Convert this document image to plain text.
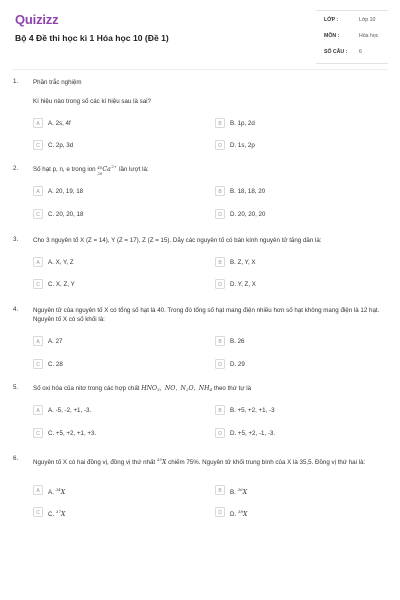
Quizizz
Bộ 4 Đề thi học kì 1 Hóa học 10 (Đề 1)
LỚP :	Lớp 10
MÔN :	Hóa học
SỐ CÂU :	6
1. Phần trắc nghiệm
Kí hiệu nào trong số các kí hiệu sau là sai?
A	A. 2s, 4f	B	B. 1p, 2d
C	C. 2p, 3d	D	D. 1s, 2p
2. Số hạt p, n, e trong ion 40
20
Ca 2+ lần lượt là:
A	A. 20, 19, 18	B	B. 18, 18, 20
C	C. 20, 20, 18	D	D. 20, 20, 20
3. Cho 3 nguyên tố X (Z = 14), Y (Z = 17), Z (Z = 15). Dãy các nguyên tố có bán kính nguyên tử tăng dần là:
A	A. X, Y, Z	B	B. Z, Y, X
C	C. X, Z, Y	D	D. Y, Z, X
4. Nguyên tử của nguyên tố X có tổng số hạt là 40. Trong đó tổng số hạt mang điện nhiều hơn số hạt không mang điện là 12 hạt. Nguyên tố X có số khối là:
A	A. 27	B	B. 26
C	C. 28	D	D. 29
5. Số oxi hóa của nitơ trong các hợp chất $HNO_3$,  NO,  $N_2O$,  $NH_4$ theo thứ tự là
A	A. -5, -2, +1, -3.	B	B. +5, +2, +1, -3
C	C. +5, +2, +1, +3.	D	D. +5, +2, -1, -3.
6.
Nguyên tố X có hai đồng vị, đồng vị thứ nhất $^{35}$X chiếm 75%. Nguyên tử khối trung bình của X là 35,5. Đồng vị thứ hai là:
A	A. $^{34}$X	B	B. $^{36}$X
C	C. $^{37}$X	D	D. $^{38}$X
